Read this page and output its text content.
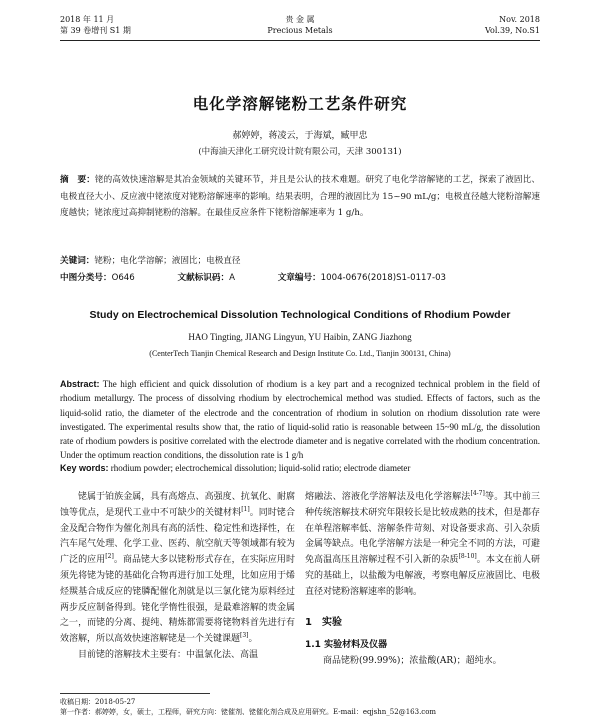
2018 年 11 月
第 39 卷增刊 S1 期
贵 金 属
Precious Metals
Nov. 2018
Vol.39, No.S1
电化学溶解铑粉工艺条件研究
郝婷婷，蒋凌云，于海斌，臧甲忠
(中海油天津化工研究设计院有限公司，天津 300131)
摘　要：铑的高效快速溶解是其冶金领域的关键环节，并且是公认的技术难题。研究了电化学溶解铑的工艺，探索了液固比、电极直径大小、反应液中铑浓度对铑粉溶解速率的影响。结果表明，合理的液固比为 15~90 mL/g；电极直径越大铑粉溶解速度越快；铑浓度过高抑制铑粉的溶解。在最佳反应条件下铑粉溶解速率为 1 g/h。
关键词：铑粉；电化学溶解；液固比；电极直径
中图分类号：O646	文献标识码：A	文章编号：1004-0676(2018)S1-0117-03
Study on Electrochemical Dissolution Technological Conditions of Rhodium Powder
HAO Tingting, JIANG Lingyun, YU Haibin, ZANG Jiazhong
(CenterTech Tianjin Chemical Research and Design Institute Co. Ltd., Tianjin 300131, China)
Abstract: The high efficient and quick dissolution of rhodium is a key part and a recognized technical problem in the field of rhodium metallurgy. The process of dissolving rhodium by electrochemical method was studied. Effects of factors, such as the liquid-solid ratio, the diameter of the electrode and the concentration of rhodium in solution on rhodium dissolution rate were investigated. The experimental results show that, the ratio of liquid-solid ratio is reasonable between 15~90 mL/g, the dissolution rate of rhodium powders is positive correlated with the electrode diameter and is negative correlated with the rhodium concentration. Under the optimum reaction conditions, the dissolution rate is 1 g/h
Key words: rhodium powder; electrochemical dissolution; liquid-solid ratio; electrode diameter

铑属于铂族金属，具有高熔点、高强度、抗氧化、耐腐蚀等优点，是现代工业中不可缺少的关键材料[1]。同时铑合金及配合物作为催化剂具有高的活性、稳定性和选择性，在汽车尾气处理、化学工业、医药、航空航天等领域都有较为广泛的应用[2]。商品铑大多以铑粉形式存在，在实际应用时须先将铑为铑的基础化合物再进行加工处理，比如应用于烯烃羰基合成反应的铑膦配催化剂就是以三氯化铑为原料经过两步反应制备得到。铑化学惰性很强，是最难溶解的贵金属之一，而铑的分离、提纯、精炼都需要将铑物料首先进行有效溶解，所以高效快速溶解铑是一个关键课题[3]。

目前铑的溶解技术主要有：中温氯化法、高温

熔融法、溶液化学溶解法及电化学溶解法[4-7]等。其中前三种传统溶解技术研究年限较长是比较成熟的技术，但是都存在单程溶解率低、溶解条件苛刻、对设备要求高、引入杂质金属等缺点。电化学溶解方法是一种完全不同的方法，可避免高温高压且溶解过程不引入新的杂质[8-10]。本文在前人研究的基础上，以盐酸为电解液，考察电解反应液固比、电极直径对铑粉溶解速率的影响。

1　实验
1.1 实验材料及仪器

商品铑粉(99.99%)；浓盐酸(AR)；超纯水。

收稿日期：2018-05-27
第一作者：郝婷婷，女，硕士，工程师，研究方向：铑催剂、铑催化剂合成及应用研究。E-mail：eqjshn_52@163.com
